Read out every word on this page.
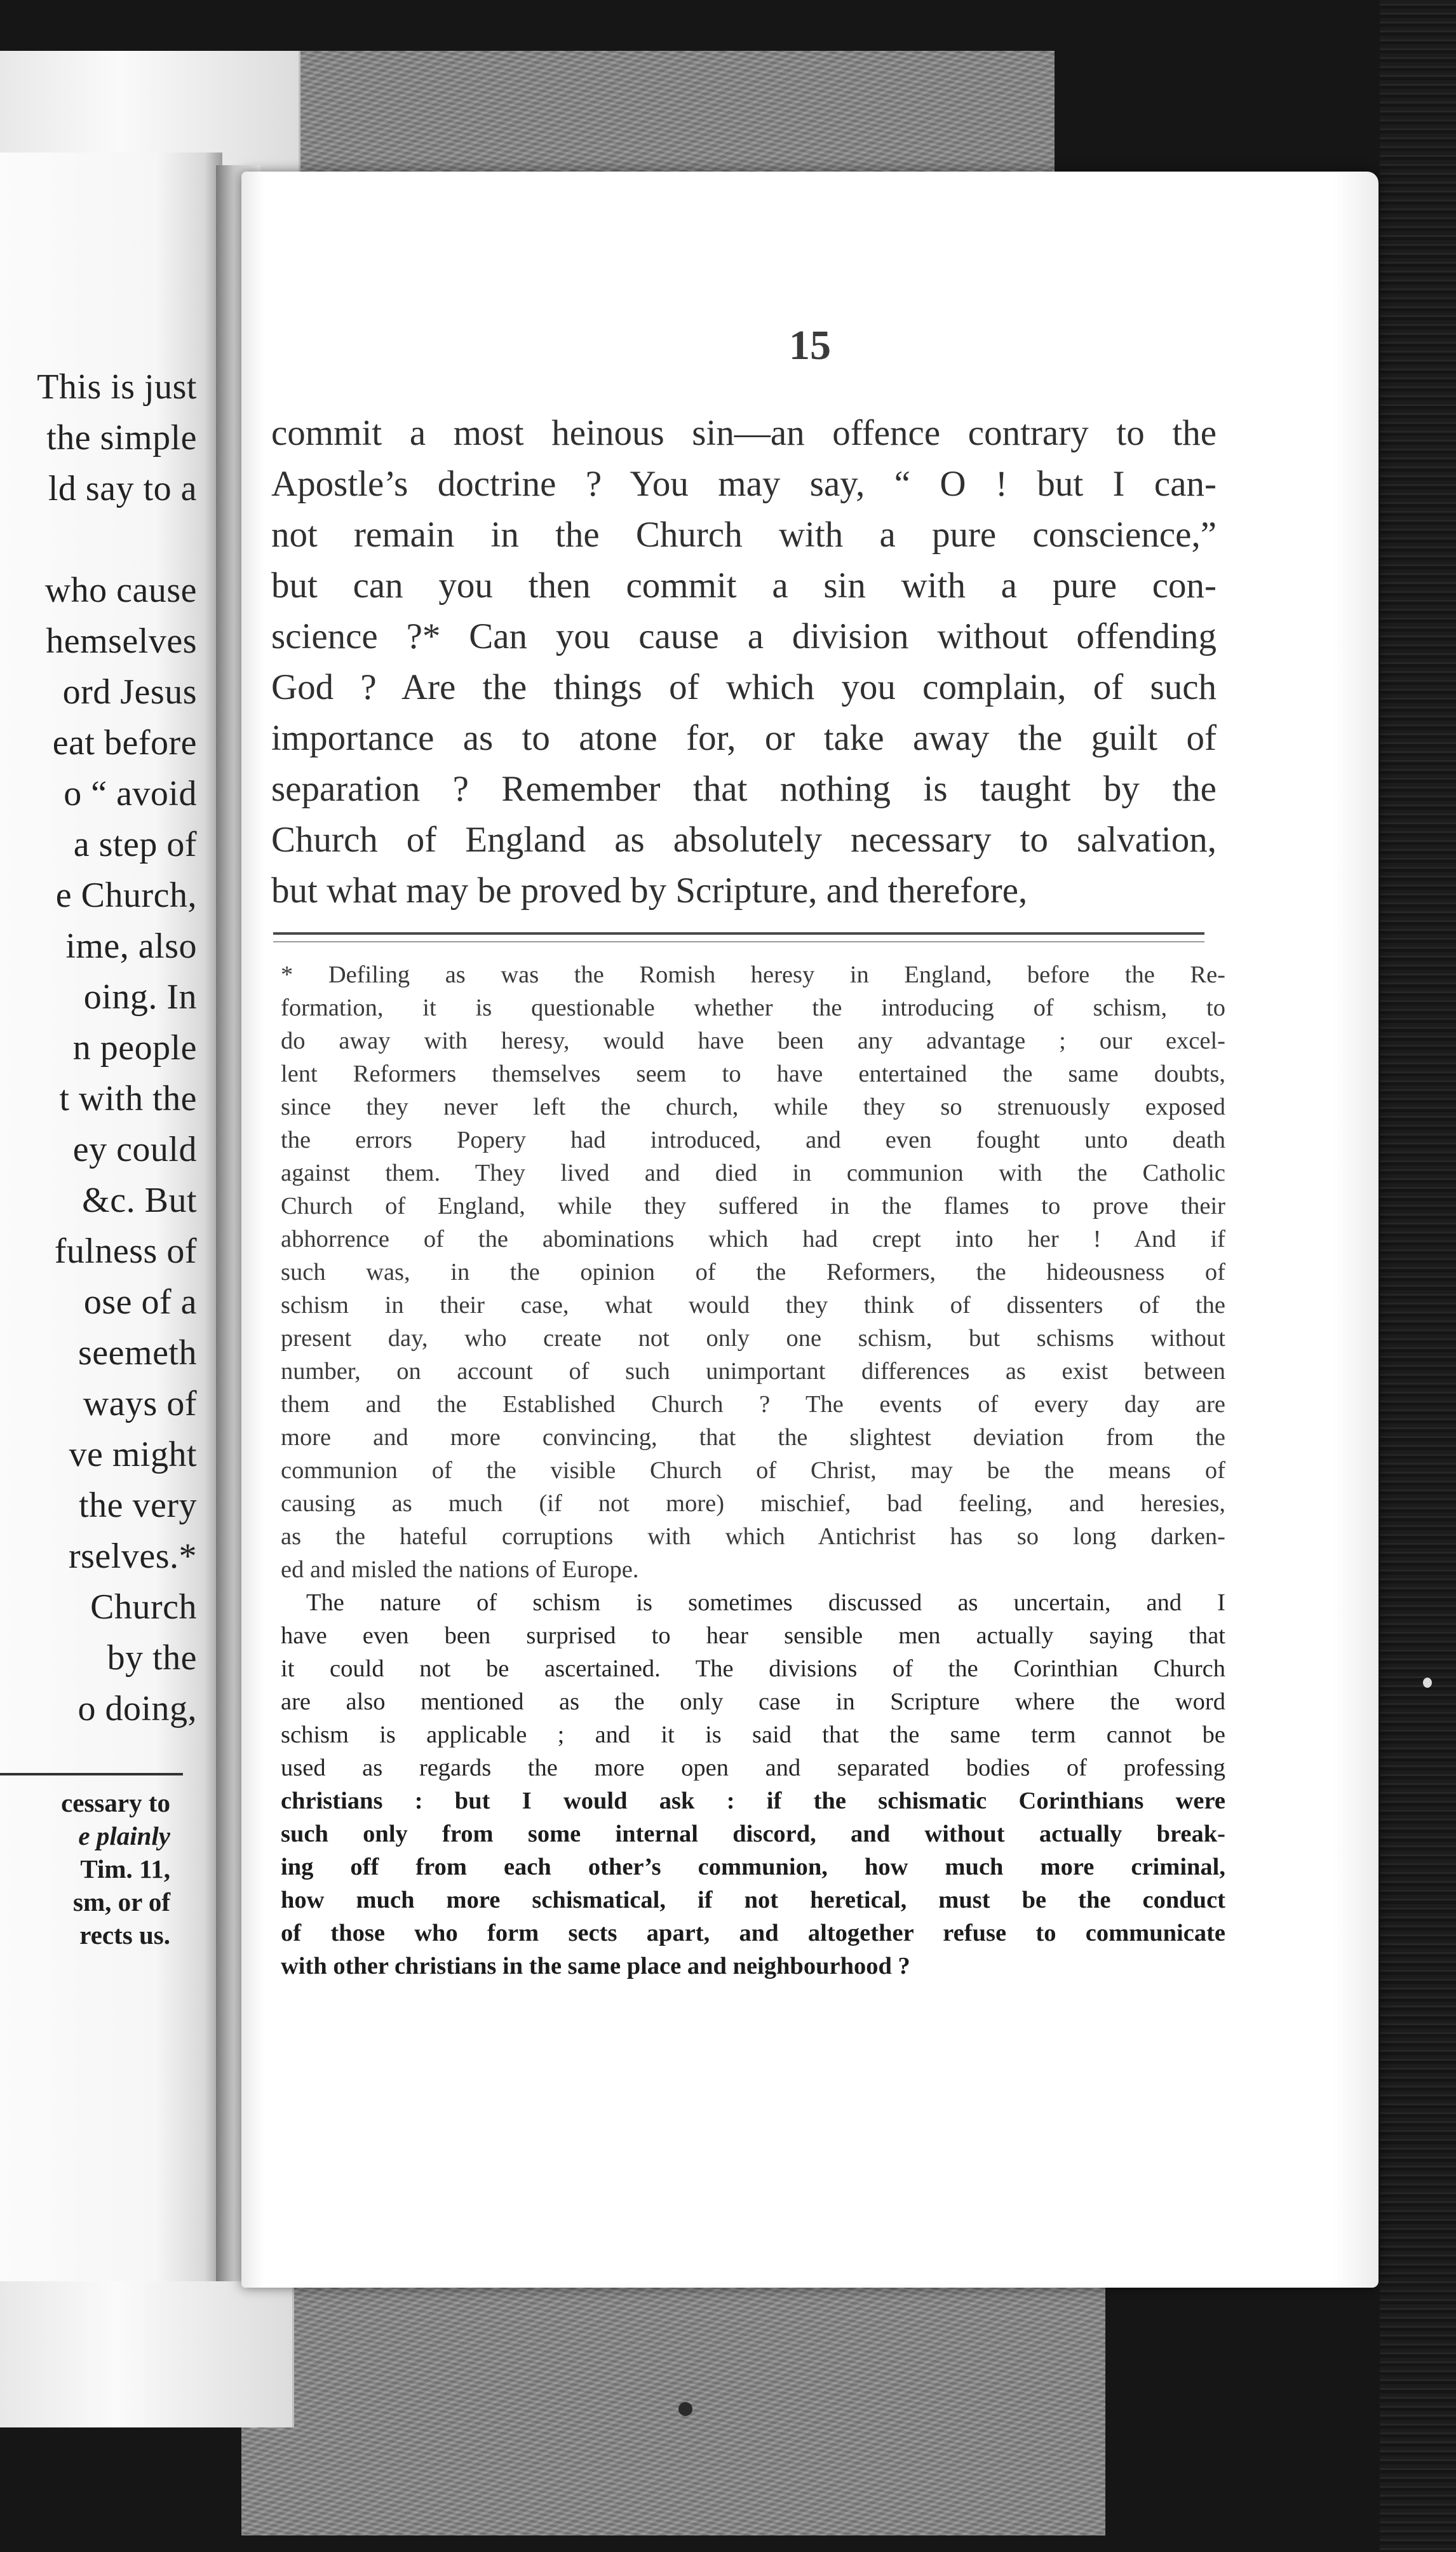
This is just
the simple
ld say to a
who cause
hemselves
ord Jesus
eat before
o “ avoid
a step of
e Church,
ime, also
oing. In
n people
t with the
ey could
&c. But
fulness of
ose of a
seemeth
ways of
ve might
the very
rselves.*
Church
by the
o doing,
cessary to
e plainly
Tim. 11,
sm, or of
rects us.
15
commit a most heinous sin—an offence contrary to the
Apostle’s doctrine ? You may say, “ O ! but I can-
not remain in the Church with a pure conscience,”
but can you then commit a sin with a pure con-
science ?* Can you cause a division without offending
God ? Are the things of which you complain, of such
importance as to atone for, or take away the guilt of
separation ? Remember that nothing is taught by the
Church of England as absolutely necessary to salvation,
but what may be proved by Scripture, and therefore,
* Defiling as was the Romish heresy in England, before the Re-
formation, it is questionable whether the introducing of schism, to
do away with heresy, would have been any advantage ; our excel-
lent Reformers themselves seem to have entertained the same doubts,
since they never left the church, while they so strenuously exposed
the errors Popery had introduced, and even fought unto death
against them. They lived and died in communion with the Catholic
Church of England, while they suffered in the flames to prove their
abhorrence of the abominations which had crept into her ! And if
such was, in the opinion of the Reformers, the hideousness of
schism in their case, what would they think of dissenters of the
present day, who create not only one schism, but schisms without
number, on account of such unimportant differences as exist between
them and the Established Church ? The events of every day are
more and more convincing, that the slightest deviation from the
communion of the visible Church of Christ, may be the means of
causing as much (if not more) mischief, bad feeling, and heresies,
as the hateful corruptions with which Antichrist has so long darken-
ed and misled the nations of Europe.
The nature of schism is sometimes discussed as uncertain, and I
have even been surprised to hear sensible men actually saying that
it could not be ascertained. The divisions of the Corinthian Church
are also mentioned as the only case in Scripture where the word
schism is applicable ; and it is said that the same term cannot be
used as regards the more open and separated bodies of professing
christians : but I would ask : if the schismatic Corinthians were
such only from some internal discord, and without actually break-
ing off from each other’s communion, how much more criminal,
how much more schismatical, if not heretical, must be the conduct
of those who form sects apart, and altogether refuse to communicate
with other christians in the same place and neighbourhood ?
